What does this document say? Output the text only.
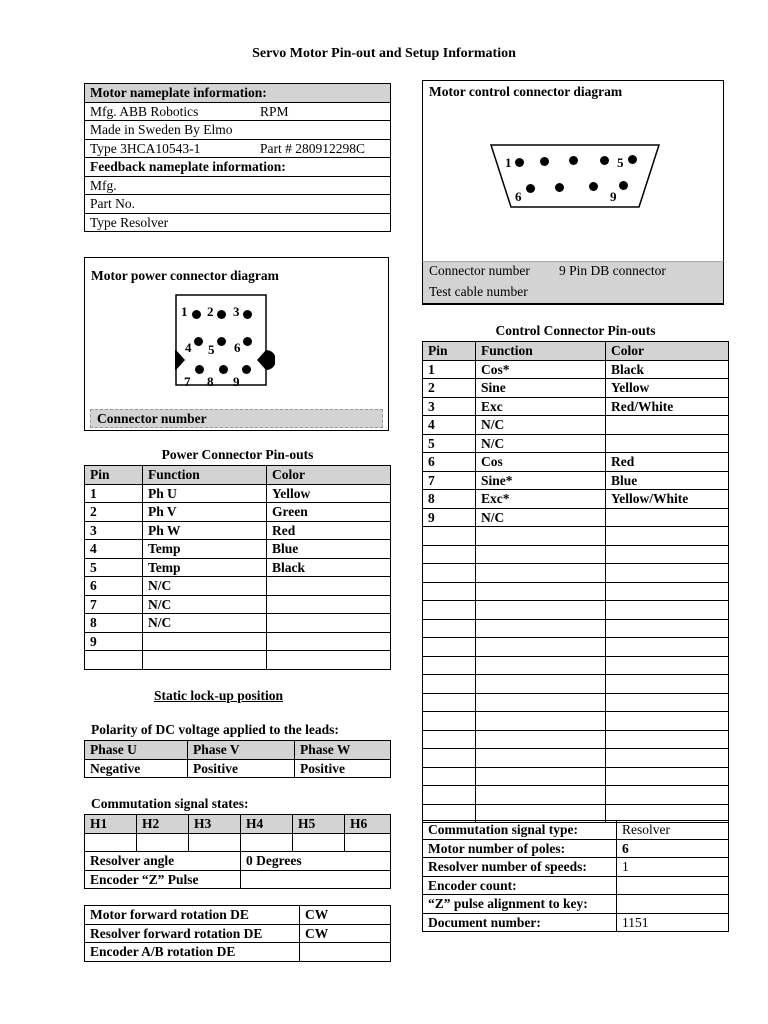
Servo Motor Pin-out and Setup Information
Motor nameplate information:	
Mfg. ABB Robotics	RPM
Made in Sweden By Elmo	
Type 3HCA10543-1	Part # 280912298C
Feedback nameplate information:	
Mfg.	
Part No.	
Type Resolver	
Motor power connector diagram
1 2 3
4 5 6
7 8 9
Connector number
Power Connector Pin-outs
Pin	Function	Color
1	Ph U	Yellow
2	Ph V	Green
3	Ph W	Red
4	Temp	Blue
5	Temp	Black
6	N/C	
7	N/C	
8	N/C	
9		

Static lock-up position
Polarity of DC voltage applied to the leads:
Phase U	Phase V	Phase W
Negative	Positive	Positive
Commutation signal states:
H1	H2	H3	H4	H5	H6

Resolver angle			0 Degrees		
Encoder “Z” Pulse					
Motor forward rotation DE	CW
Resolver forward rotation DE	CW
Encoder A/B rotation DE	
Motor control connector diagram
1	5
6	9
Connector number 9 Pin DB connector
Test cable number
Control Connector Pin-outs
Pin	Function	Color
1	Cos*	Black
2	Sine	Yellow
3	Exc	Red/White
4	N/C	
5	N/C	
6	Cos	Red
7	Sine*	Blue
8	Exc*	Yellow/White
9	N/C	

Commutation signal type:	Resolver
Motor number of poles:	6
Resolver number of speeds:	1
Encoder count:	
“Z” pulse alignment to key:	
Document number:	1151
